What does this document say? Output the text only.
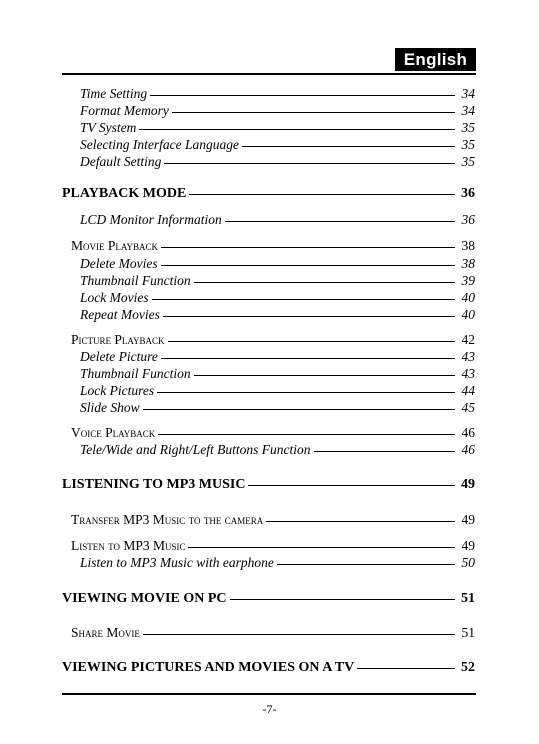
English
Time Setting	34
Format Memory	34
TV System	35
Selecting Interface Language	35
Default Setting	35
PLAYBACK MODE	36
LCD Monitor Information	36
Movie Playback	38
Delete Movies	38
Thumbnail Function	39
Lock Movies	40
Repeat Movies	40
Picture Playback	42
Delete Picture	43
Thumbnail Function	43
Lock Pictures	44
Slide Show	45
Voice Playback	46
Tele/Wide and Right/Left Buttons Function	46
LISTENING TO MP3 MUSIC	49
Transfer MP3 Music to the camera	49
Listen to MP3 Music	49
Listen to MP3 Music with earphone	50
VIEWING MOVIE ON PC	51
Share Movie	51
VIEWING PICTURES AND MOVIES ON A TV	52
-7-
